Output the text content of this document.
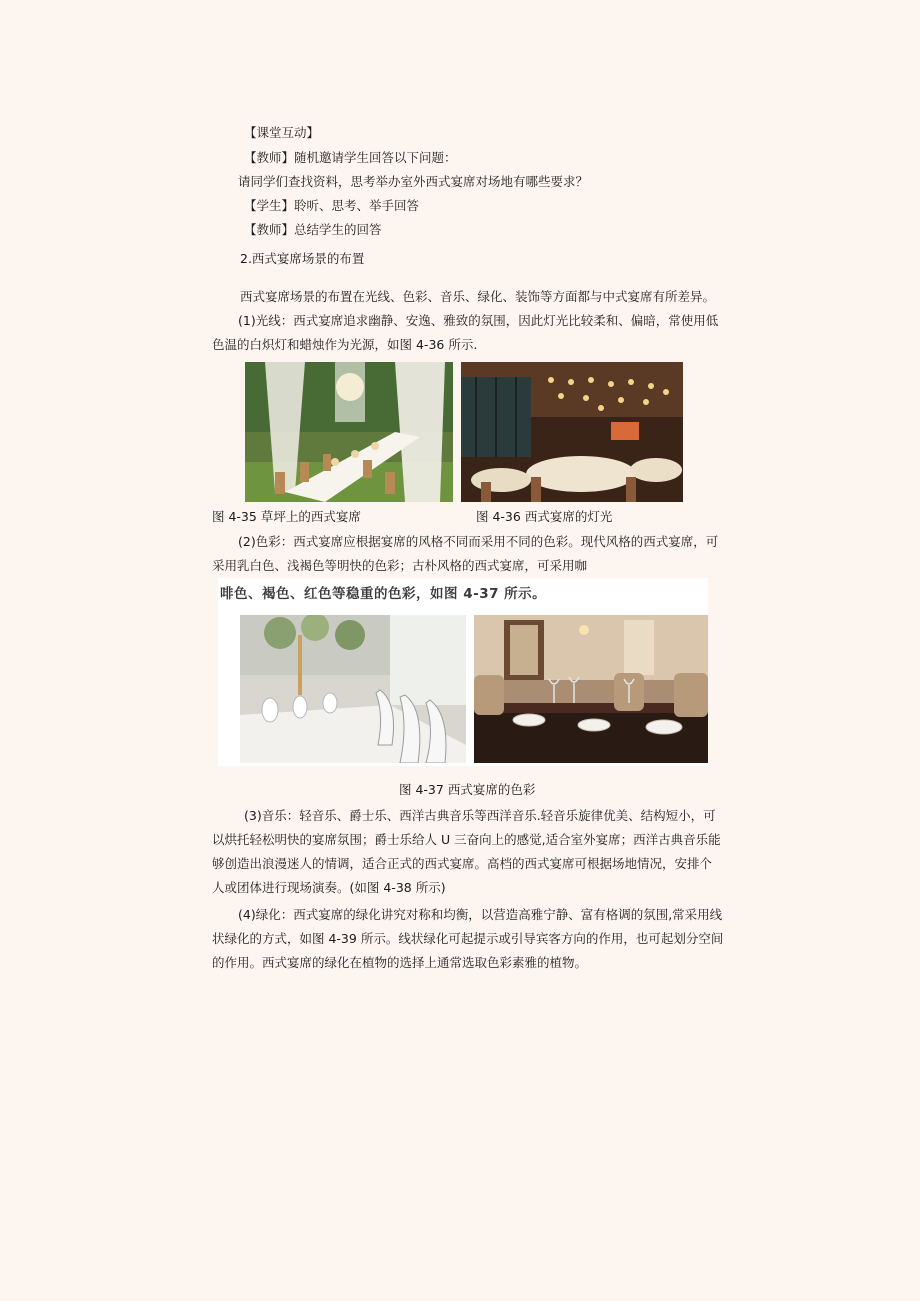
【课堂互动】
【教师】随机邀请学生回答以下问题：
请同学们查找资料，思考举办室外西式宴席对场地有哪些要求？
【学生】聆听、思考、举手回答
【教师】总结学生的回答
2.西式宴席场景的布置
西式宴席场景的布置在光线、色彩、音乐、绿化、装饰等方面都与中式宴席有所差异。
(1)光线：西式宴席追求幽静、安逸、雅致的氛围，因此灯光比较柔和、偏暗，常使用低
色温的白炽灯和蜡烛作为光源，如图 4-36 所示.
图 4-35 草坪上的西式宴席	图 4-36 西式宴席的灯光
(2)色彩：西式宴席应根据宴席的风格不同而采用不同的色彩。现代风格的西式宴席，可
采用乳白色、浅褐色等明快的色彩；古朴风格的西式宴席，可采用咖
啡色、褐色、红色等稳重的色彩，如图 4-37 所示。
图 4-37 西式宴席的色彩
(3)音乐：轻音乐、爵士乐、西洋古典音乐等西洋音乐.轻音乐旋律优美、结构短小，可
以烘托轻松明快的宴席氛围；爵士乐给人 U 三奋向上的感觉,适合室外宴席；西洋古典音乐能
够创造出浪漫迷人的情调，适合正式的西式宴席。高档的西式宴席可根据场地情况，安排个
人或团体进行现场演奏。(如图 4-38 所示)
(4)绿化：西式宴席的绿化讲究对称和均衡，以营造高雅宁静、富有格调的氛围,常采用线
状绿化的方式，如图 4-39 所示。线状绿化可起提示或引导宾客方向的作用，也可起划分空间
的作用。西式宴席的绿化在植物的选择上通常选取色彩素雅的植物。
